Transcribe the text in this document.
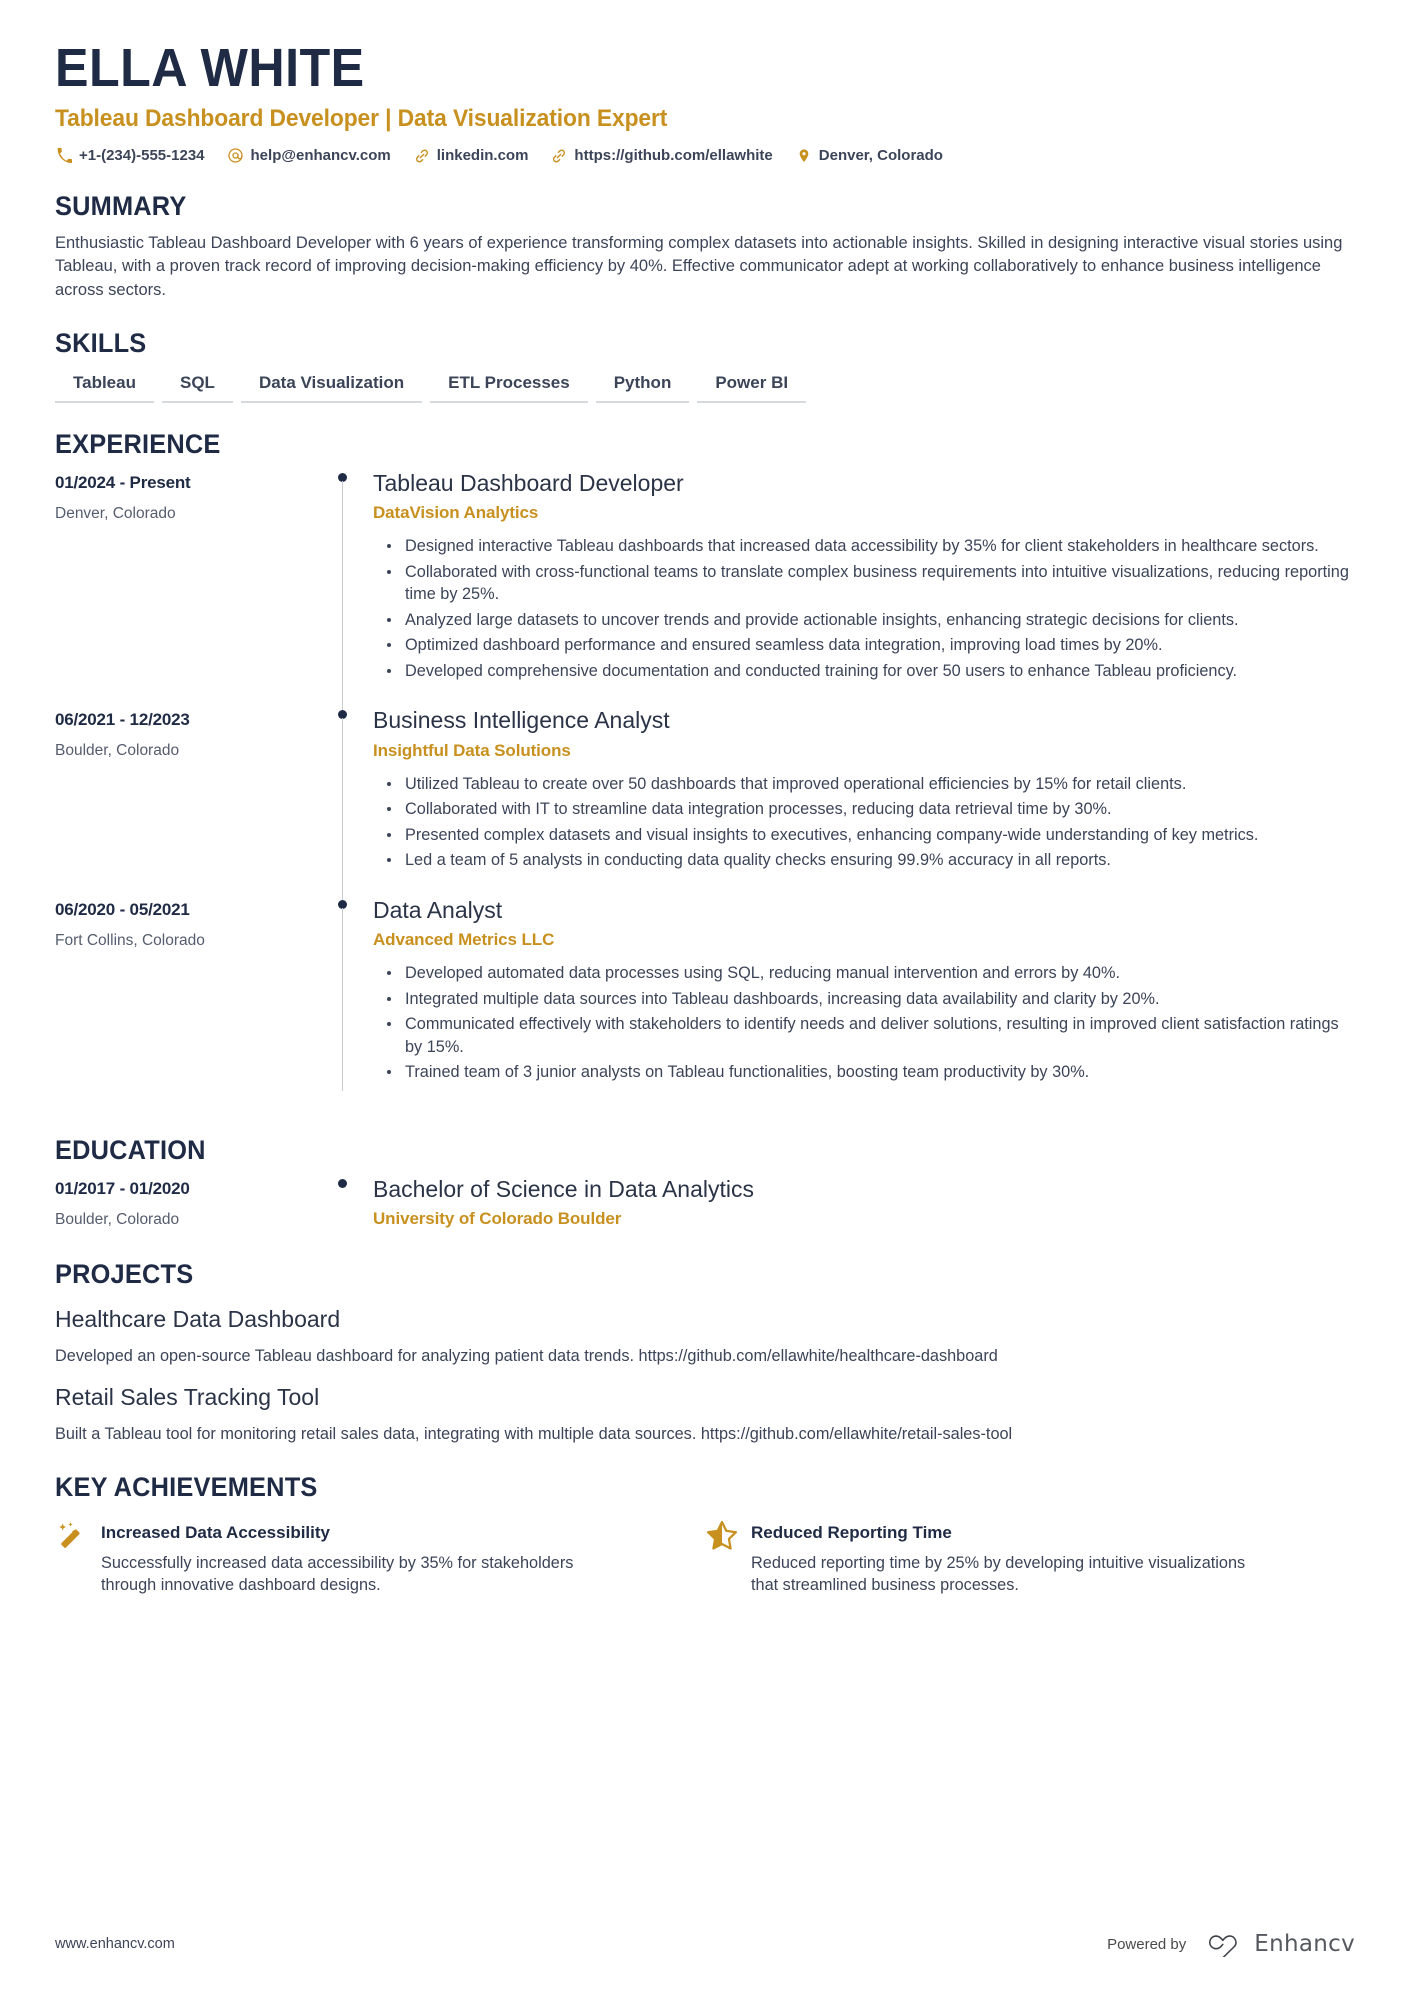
ELLA WHITE
Tableau Dashboard Developer | Data Visualization Expert
+1-(234)-555-1234	help@enhancv.com	linkedin.com	https://github.com/ellawhite	Denver, Colorado
SUMMARY

Enthusiastic Tableau Dashboard Developer with 6 years of experience transforming complex datasets into actionable insights. Skilled in designing interactive visual stories using Tableau, with a proven track record of improving decision-making efficiency by 40%. Effective communicator adept at working collaboratively to enhance business intelligence across sectors.

SKILLS
Tableau	SQL	Data Visualization	ETL Processes	Python	Power BI
EXPERIENCE
01/2024 - Present
Denver, Colorado
Tableau Dashboard Developer
DataVision Analytics
Designed interactive Tableau dashboards that increased data accessibility by 35% for client stakeholders in healthcare sectors.
Collaborated with cross-functional teams to translate complex business requirements into intuitive visualizations, reducing reporting time by 25%.
Analyzed large datasets to uncover trends and provide actionable insights, enhancing strategic decisions for clients.
Optimized dashboard performance and ensured seamless data integration, improving load times by 20%.
Developed comprehensive documentation and conducted training for over 50 users to enhance Tableau proficiency.
06/2021 - 12/2023
Boulder, Colorado
Business Intelligence Analyst
Insightful Data Solutions
Utilized Tableau to create over 50 dashboards that improved operational efficiencies by 15% for retail clients.
Collaborated with IT to streamline data integration processes, reducing data retrieval time by 30%.
Presented complex datasets and visual insights to executives, enhancing company-wide understanding of key metrics.
Led a team of 5 analysts in conducting data quality checks ensuring 99.9% accuracy in all reports.
06/2020 - 05/2021
Fort Collins, Colorado
Data Analyst
Advanced Metrics LLC
Developed automated data processes using SQL, reducing manual intervention and errors by 40%.
Integrated multiple data sources into Tableau dashboards, increasing data availability and clarity by 20%.
Communicated effectively with stakeholders to identify needs and deliver solutions, resulting in improved client satisfaction ratings by 15%.
Trained team of 3 junior analysts on Tableau functionalities, boosting team productivity by 30%.
EDUCATION
01/2017 - 01/2020
Boulder, Colorado
Bachelor of Science in Data Analytics
University of Colorado Boulder
PROJECTS
Healthcare Data Dashboard
Developed an open-source Tableau dashboard for analyzing patient data trends. https://github.com/ellawhite/healthcare-dashboard
Retail Sales Tracking Tool
Built a Tableau tool for monitoring retail sales data, integrating with multiple data sources. https://github.com/ellawhite/retail-sales-tool
KEY ACHIEVEMENTS
Increased Data Accessibility
Successfully increased data accessibility by 35% for stakeholders through innovative dashboard designs.
Reduced Reporting Time
Reduced reporting time by 25% by developing intuitive visualizations that streamlined business processes.
www.enhancv.com	Powered by	Enhancv
